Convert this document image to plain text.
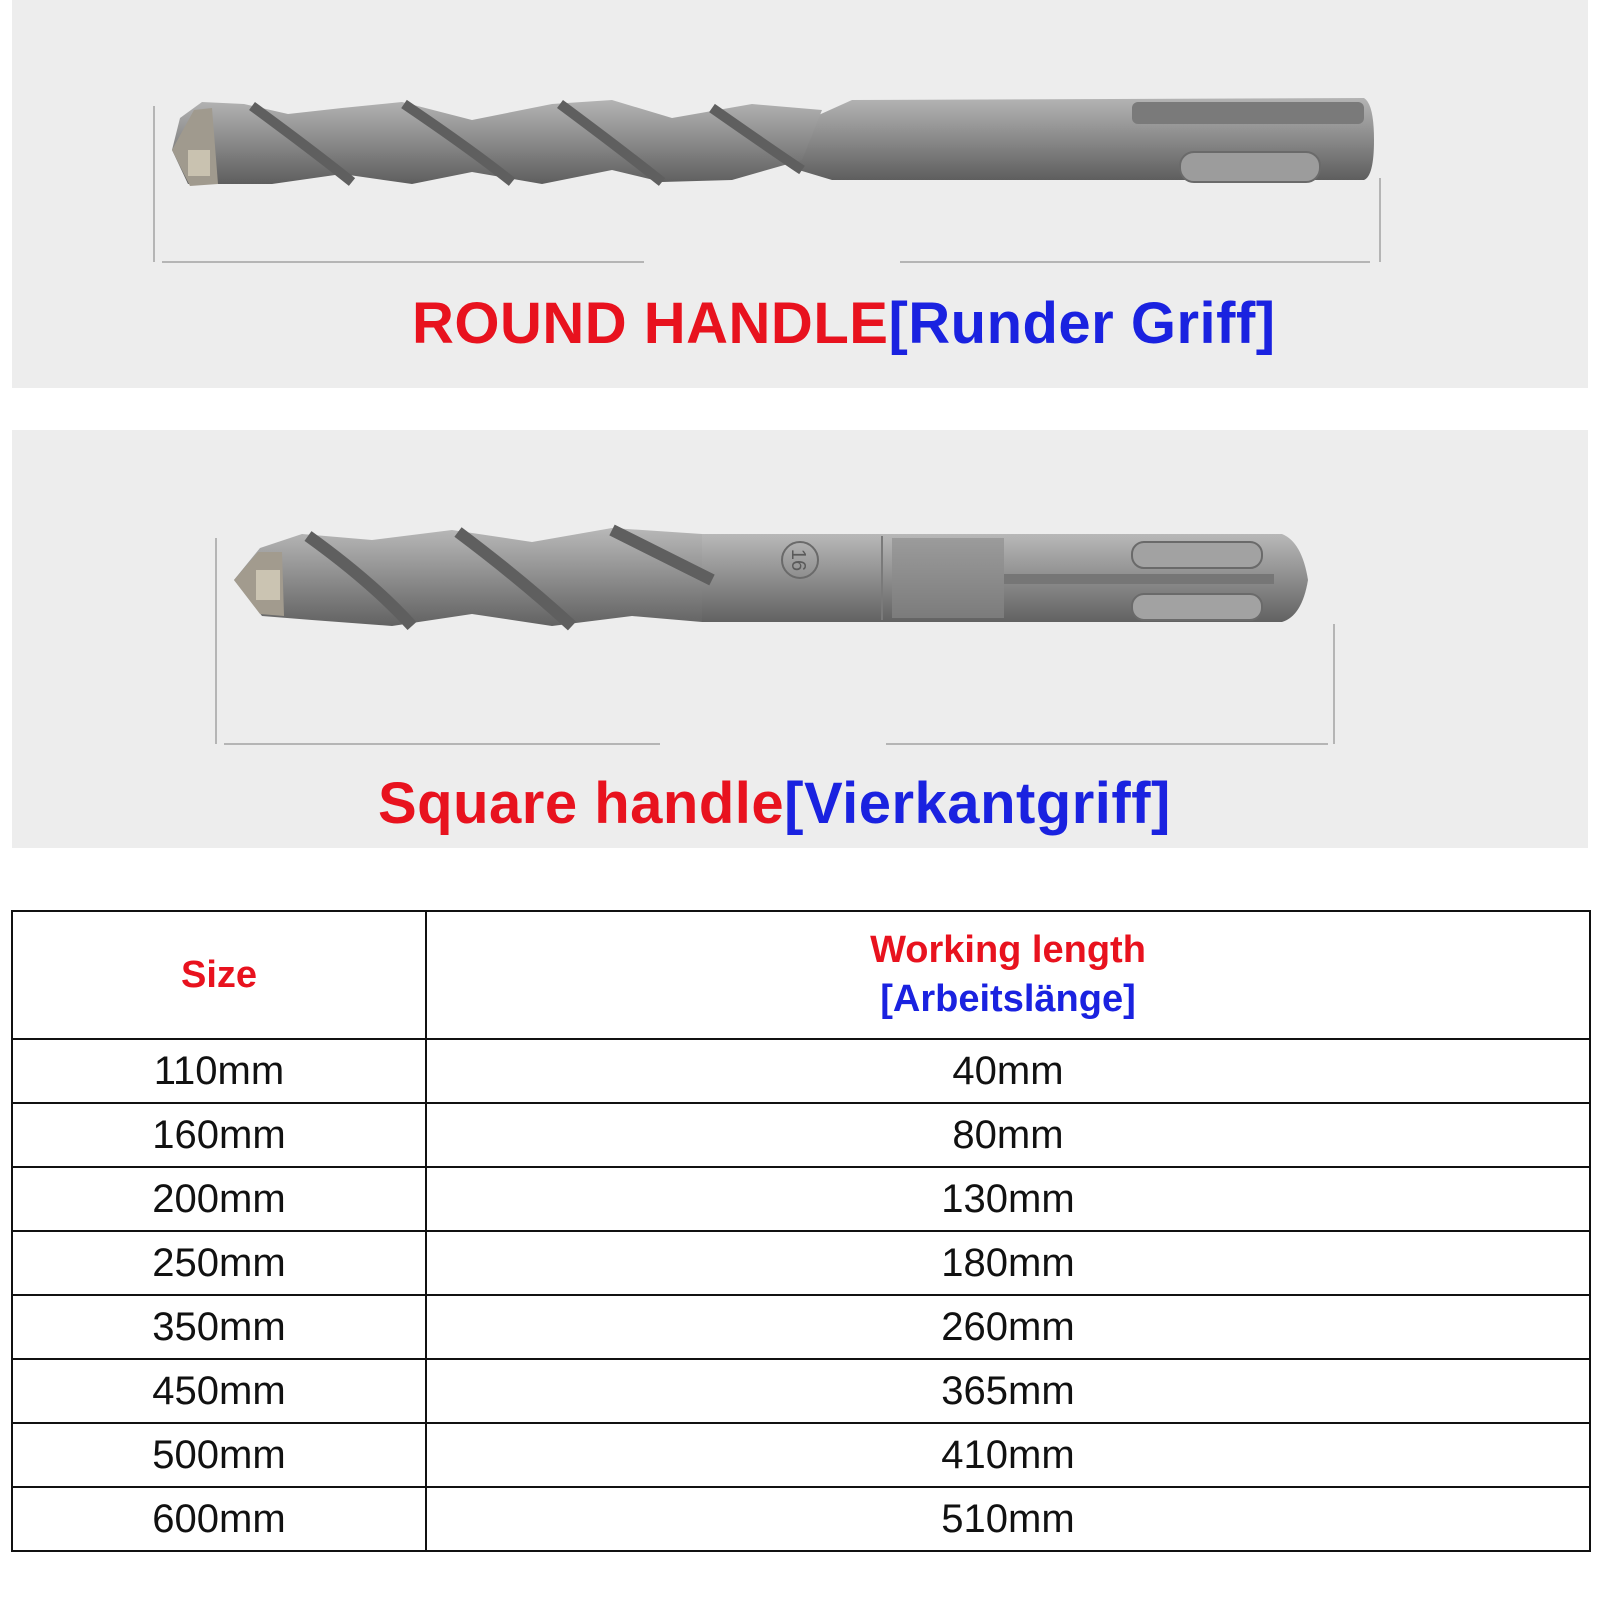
ROUND HANDLE[Runder Griff]
16
Square handle[Vierkantgriff]
Size	Working length
[Arbeitslänge]

110mm	40mm
160mm	80mm
200mm	130mm
250mm	180mm
350mm	260mm
450mm	365mm
500mm	410mm
600mm	510mm
